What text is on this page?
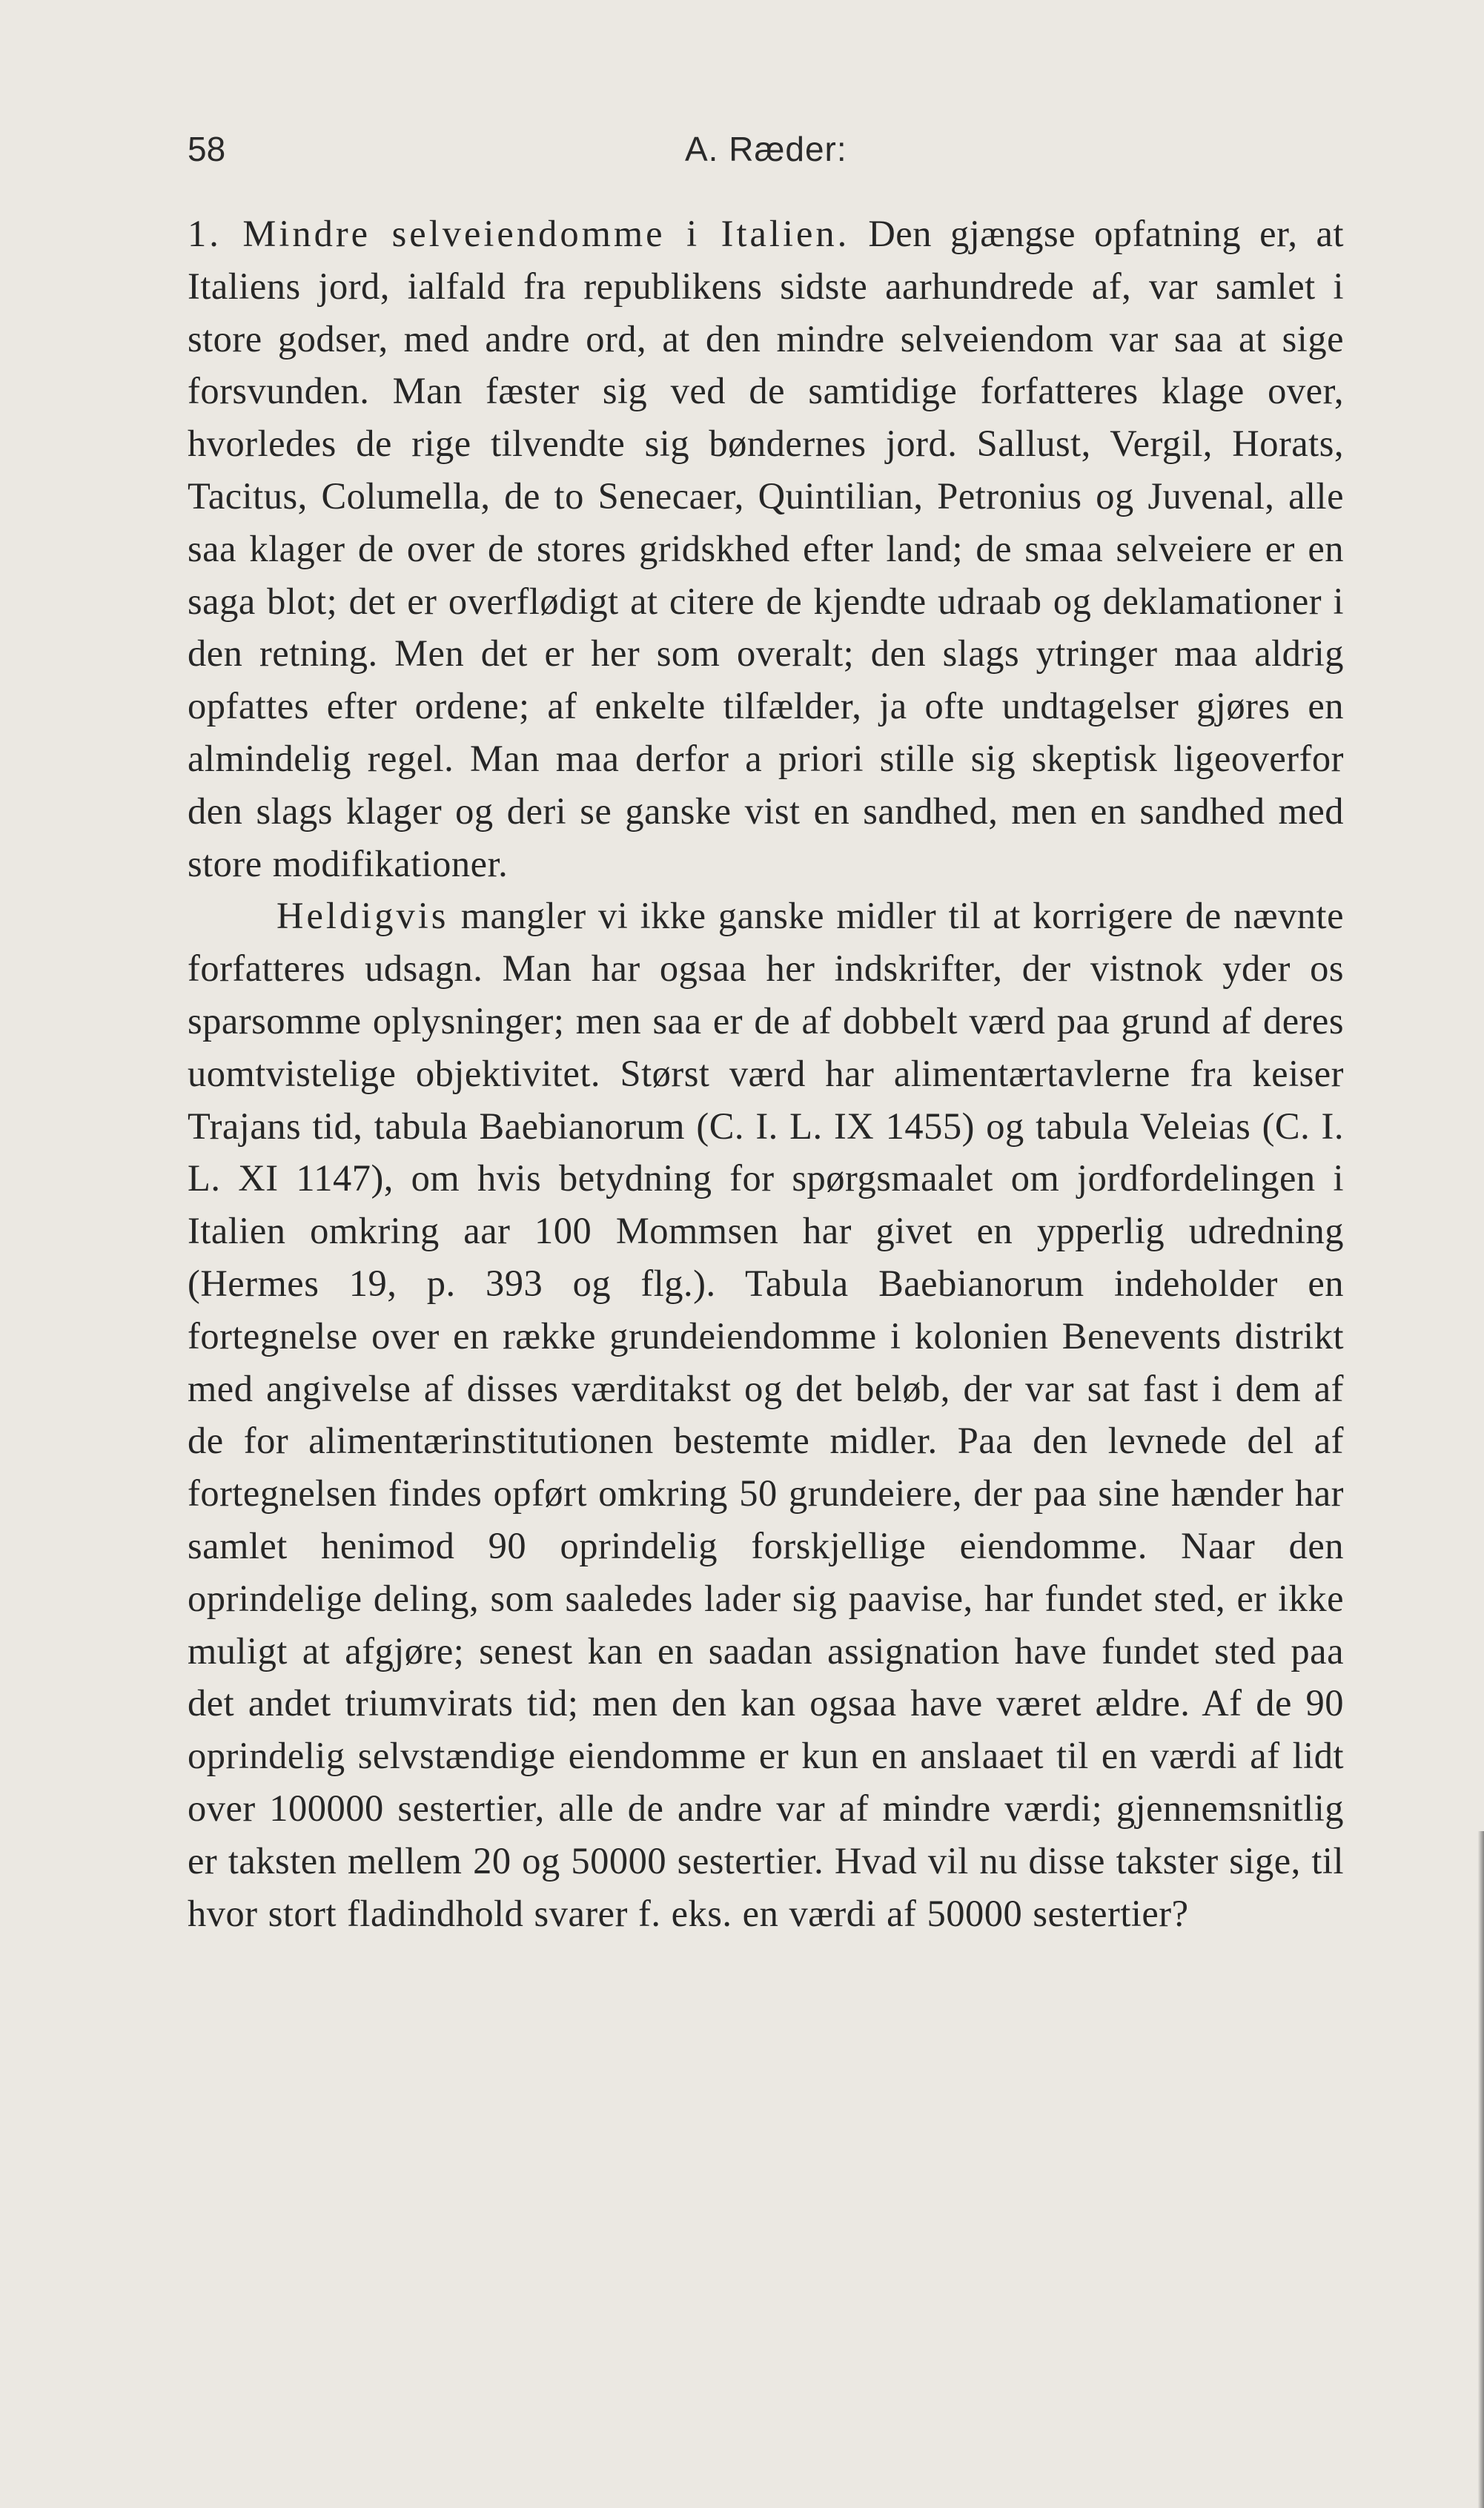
58	A. Ræder:

1. Mindre selveiendomme i Italien. Den gjængse opfatning er, at Italiens jord, ialfald fra republikens sidste aarhundrede af, var samlet i store godser, med andre ord, at den mindre selveiendom var saa at sige forsvunden. Man fæster sig ved de samtidige forfatteres klage over, hvorledes de rige tilvendte sig bøndernes jord. Sallust, Vergil, Horats, Tacitus, Columella, de to Senecaer, Quintilian, Petronius og Juvenal, alle saa klager de over de stores gridskhed efter land; de smaa selveiere er en saga blot; det er overflødigt at citere de kjendte udraab og deklamationer i den retning. Men det er her som overalt; den slags ytringer maa aldrig opfattes efter ordene; af enkelte tilfælder, ja ofte undtagelser gjøres en almindelig regel. Man maa derfor a priori stille sig skeptisk ligeoverfor den slags klager og deri se ganske vist en sandhed, men en sandhed med store modifikationer.

Heldigvis mangler vi ikke ganske midler til at korrigere de nævnte forfatteres udsagn. Man har ogsaa her indskrifter, der vistnok yder os sparsomme oplysninger; men saa er de af dobbelt værd paa grund af deres uomtvistelige objektivitet. Størst værd har alimentærtavlerne fra keiser Trajans tid, tabula Baebianorum (C. I. L. IX 1455) og tabula Veleias (C. I. L. XI 1147), om hvis betydning for spørgsmaalet om jordfordelingen i Italien omkring aar 100 Mommsen har givet en ypperlig udredning (Hermes 19, p. 393 og flg.). Tabula Baebianorum indeholder en fortegnelse over en række grundeiendomme i kolonien Benevents distrikt med angivelse af disses værditakst og det beløb, der var sat fast i dem af de for alimentærinstitutionen bestemte midler. Paa den levnede del af fortegnelsen findes opført omkring 50 grundeiere, der paa sine hænder har samlet henimod 90 oprindelig forskjellige eiendomme. Naar den oprindelige deling, som saaledes lader sig paavise, har fundet sted, er ikke muligt at afgjøre; senest kan en saadan assignation have fundet sted paa det andet triumvirats tid; men den kan ogsaa have været ældre. Af de 90 oprindelig selvstændige eiendomme er kun en anslaaet til en værdi af lidt over 100000 sestertier, alle de andre var af mindre værdi; gjennemsnitlig er taksten mellem 20 og 50000 sestertier. Hvad vil nu disse takster sige, til hvor stort fladindhold svarer f. eks. en værdi af 50000 sestertier?
